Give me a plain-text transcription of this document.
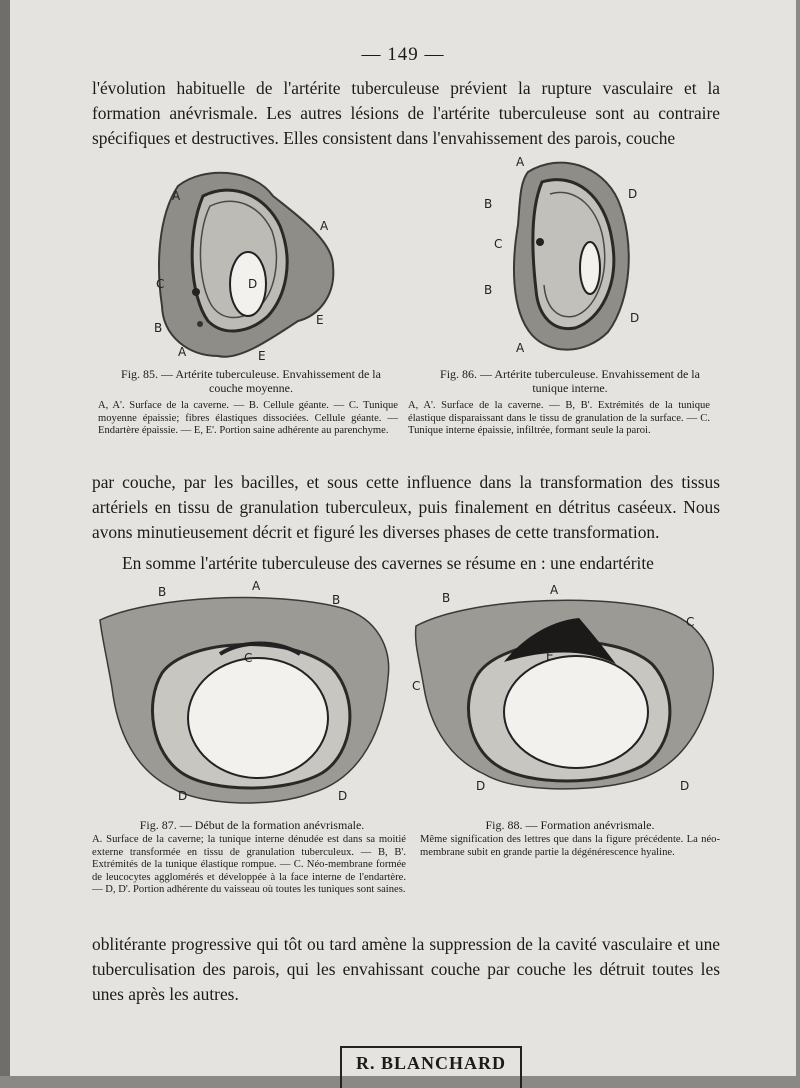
— 149 —

l'évolution habituelle de l'artérite tuberculeuse prévient la rupture vasculaire et la formation anévrismale. Les autres lésions de l'artérite tuberculeuse sont au contraire spécifiques et destructives. Elles consistent dans l'envahissement des parois, couche

A
A
C	D
B
E
A	E

Fig. 85. — Artérite tuberculeuse. Envahissement de la couche moyenne.

A, A'. Surface de la caverne. — B. Cellule géante. — C. Tunique moyenne épaissie; fibres élastiques dissociées. Cellule géante. — Endartère épaissie. — E, E'. Portion saine adhérente au parenchyme.

A
B
D
C
B
D
A

Fig. 86. — Artérite tuberculeuse. Envahissement de la tunique interne.

A, A'. Surface de la caverne. — B, B'. Extrémités de la tunique élastique disparaissant dans le tissu de granulation de la surface. — C. Tunique interne épaissie, infiltrée, formant seule la paroi.

par couche, par les bacilles, et sous cette influence dans la transformation des tissus artériels en tissu de granulation tuberculeux, puis finalement en détritus caséeux. Nous avons minutieusement décrit et figuré les diverses phases de cette transformation.

En somme l'artérite tuberculeuse des cavernes se résume en : une endartérite

B	A
B
C
D	D

Fig. 87. — Début de la formation anévrismale.

A. Surface de la caverne; la tunique interne dénudée est dans sa moitié externe transformée en tissu de granulation tuberculeux. — B, B'. Extrémités de la tunique élastique rompue. — C. Néo-membrane formée de leucocytes agglomérés et développée à la face interne de l'endartère. — D, D'. Portion adhérente du vaisseau où toutes les tuniques sont saines.

B
A
C
C
E
D	D

Fig. 88. — Formation anévrismale.

Même signification des lettres que dans la figure précédente. La néo-membrane subit en grande partie la dégénérescence hyaline.

oblitérante progressive qui tôt ou tard amène la suppression de la cavité vasculaire et une tuberculisation des parois, qui les envahissant couche par couche les détruit toutes les unes après les autres.

R. BLANCHARD
